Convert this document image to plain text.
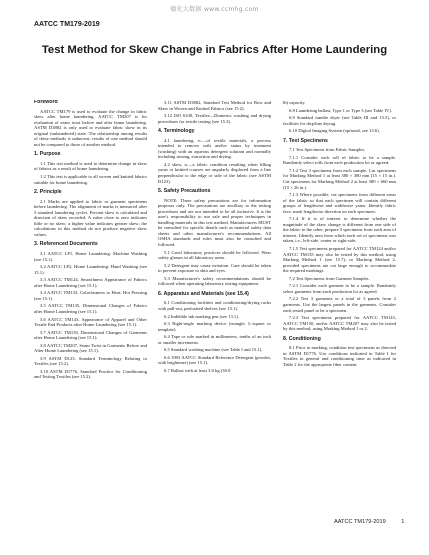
德化大数据 www.ccmhg.com
AATCC TM179-2019
Test Method for Skew Change in Fabrics After Home Laundering
Foreword

AATCC TM179 is used to evaluate the change in fabric skew after home laundering. AATCC TM207 is for evaluation of seam twist before and after home laundering. ASTM D3882 is only used to evaluate fabric skew in its original (unlaundered) state. The relationship among results of these methods is unknown; results of one method should not be compared to those of another method.

1. Purpose

1.1 This test method is used to determine change in skew of fabrics as a result of home laundering.

1.2 This test is applicable to all woven and knitted fabrics suitable for home laundering.

2. Principle

2.1 Marks are applied to fabric or garment specimens before laundering. The alignment of marks is measured after 3 standard laundering cycles. Percent skew is calculated and direction of skew recorded. A value close to zero indicates little or no skew; a higher value indicates greater skew; the calculations in this method do not produce negative skew values.

3. Referenced Documents

3.1 AATCC LP1, Home Laundering: Machine Washing (see 15.1).

3.2 AATCC LP2, Home Laundering: Hand Washing (see 15.1).

3.3 AATCC TM124, Smoothness Appearance of Fabrics after Home Laundering (see 15.1).

3.4 AATCC TM133, Colorfastness to Heat: Hot Pressing (see 15.1).

3.5 AATCC TM135, Dimensional Changes of Fabrics after Home Laundering (see 15.1).

3.6 AATCC TM143, Appearance of Apparel and Other Textile End Products after Home Laundering (see 15.1).

3.7 AATCC TM150, Dimensional Changes of Garments after Home Laundering (see 15.1).

3.8 AATCC TM207, Seam Twist in Garments Before and After Home Laundering (see 15.1).

3.9 ASTM D123, Standard Terminology Relating to Textiles (see 15.2).

3.10 ASTM D1776, Standard Practice for Conditioning and Testing Textiles (see 15.2).

3.11 ASTM D3882, Standard Test Method for Bow and Skew in Woven and Knitted Fabrics (see 15.2).

3.12 ISO 6330, Textiles—Domestic washing and drying procedures for textile testing (see 15.3).

4. Terminology

4.1 laundering, n.—of textile materials, a process intended to remove soils and/or stains by treatment (washing) with an aqueous detergent solution and normally including rinsing, extraction and drying.

4.2 skew, n.—a fabric condition resulting when filling yarns or knitted courses are angularly displaced from a line perpendicular to the edge or side of the fabric (see ASTM D123).

5. Safety Precautions

NOTE: These safety precautions are for information purposes only. The precautions are ancillary to the testing procedures and are not intended to be all inclusive. It is the user's responsibility to use safe and proper techniques in handling materials in this test method. Manufacturers MUST be consulted for specific details such as material safety data sheets and other manufacturer's recommendations. All OSHA standards and rules must also be consulted and followed.

5.1 Good laboratory practices should be followed. Wear safety glasses in all laboratory areas.

5.2 Detergent may cause irritation. Care should be taken to prevent exposure to skin and eyes.

5.3 Manufacturer's safety recommendations should be followed when operating laboratory testing equipment.

6. Apparatus and Materials (see 15.4)

6.1 Conditioning facilities and conditioning/drying racks with pull-out, perforated shelves (see 15.1).

6.2 Indelible ink marking pen (see 13.1).

6.3 Right-angle marking device (triangle, L-square or template).

6.4 Tape or rule marked in millimeters, tenths of an inch or smaller increments.

6.5 Standard washing machine (see Table I and 15.1).

6.6 1993 AATCC Standard Reference Detergent (powder, with brightener) (see 15.1).

6.7 Ballast with at least 3.0 kg (30.0

lb) capacity.

6.8 Laundering ballast, Type 1 or Type 3 (see Table IV).

6.9 Standard tumble dryer (see Table III and 15.5), or facilities for drip/line drying.

6.10 Digital Imaging System (optional, see 13.6).

7. Test Specimens

7.1 Test Specimens from Fabric Samples.

7.1.1 Consider each roll of fabric to be a sample. Randomly select rolls from each production lot or agreed.

7.1.2 Test 3 specimens from each sample. Cut specimens for Marking Method 1 at least 380 × 380 mm (15 × 15 in.). Cut specimens for Marking Method 2 at least 380 × 660 mm (15 × 26 in.).

7.1.3 Where possible, cut specimens from different areas of the fabric so that each specimen will contain different groups of lengthwise and widthwise yarns. Identify fabric face, mark lengthwise direction on each specimen.

7.1.4 If it is of interest to determine whether the magnitude of the skew change is different from one side of the fabric to the other, prepare 3 specimens from each area of interest. Identify area from which each set of specimens was taken, i.e., left-side, center or right-side.

7.1.5 Test specimens prepared for AATCC TM124 and/or AATCC TM135 may also be tested by this method, using Marking Method 1 (see 15.7), or Marking Method 2, provided specimens are cut large enough to accommodate the required markings.

7.2 Test Specimens from Garment Samples.

7.2.1 Consider each garment to be a sample. Randomly select garments from each production lot as agreed.

7.2.2 Test 3 garments or a total of 3 panels from 2 garments. Use the largest panels in the garments. Consider each tested panel to be a specimen.

7.2.3 Test specimens prepared for AATCC TM143, AATCC TM150, and/or AATCC TM207 may also be tested by this method, using Marking Method 1 or 2.

8. Conditioning

8.1 Prior to marking, condition test specimens as directed in ASTM D1776. Use conditions indicated in Table I for Textiles in general and conditioning time as indicated in Table 2 for the appropriate fiber content.

AATCC TM179-2019	1
